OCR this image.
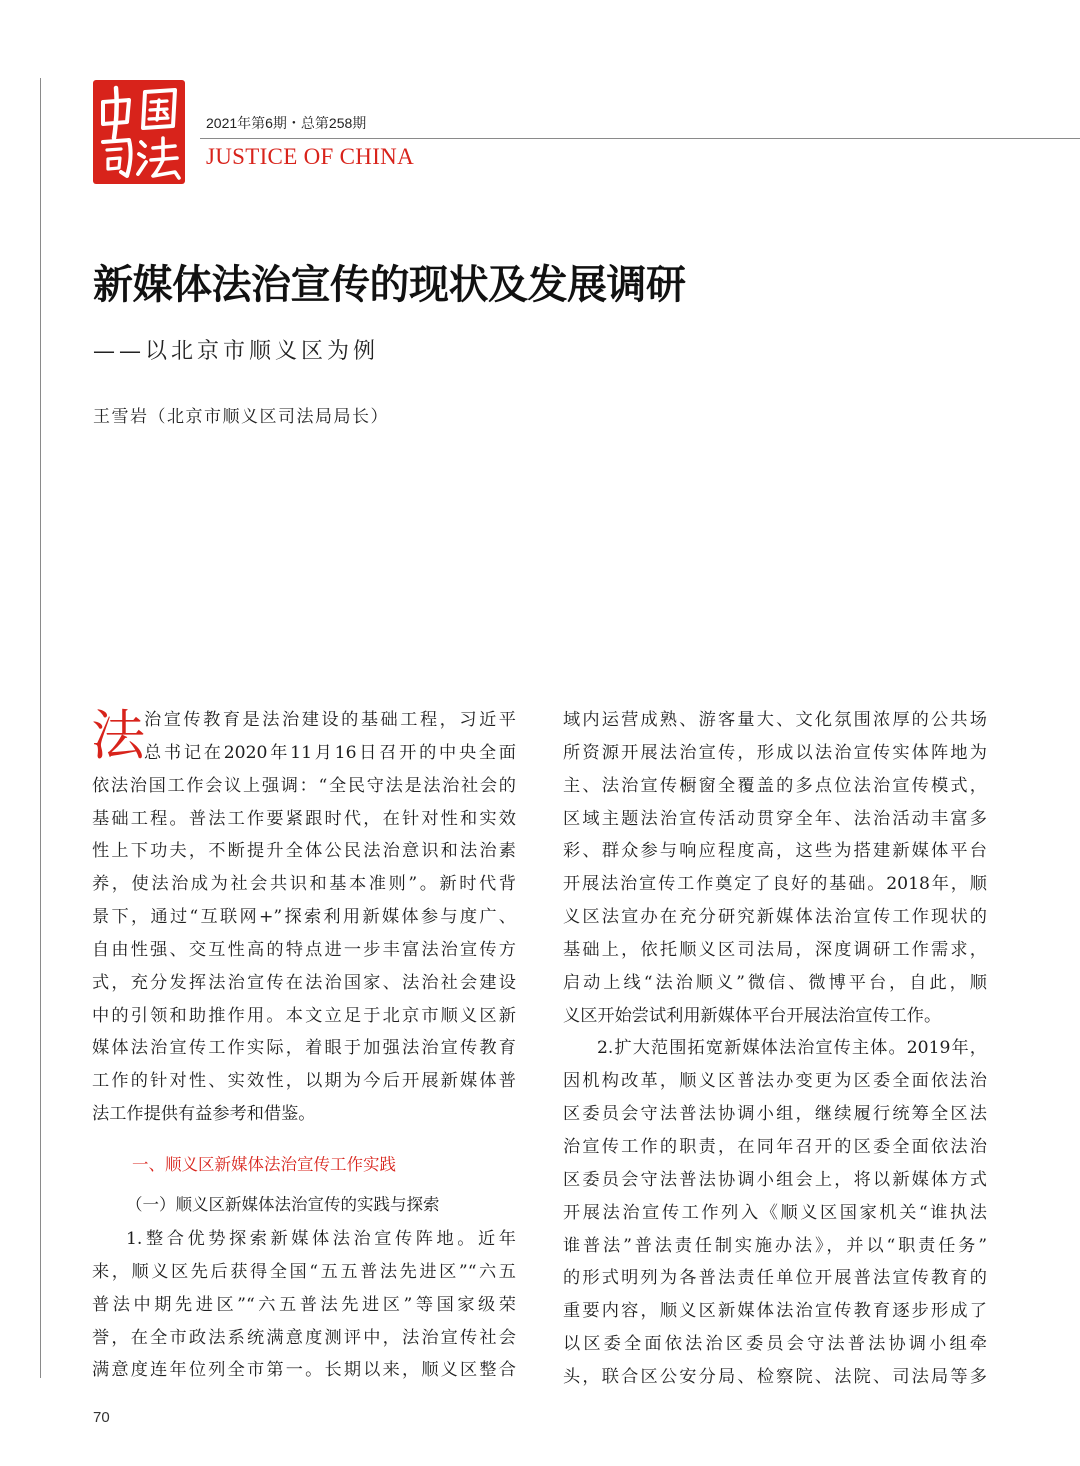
2021年第6期・总第258期
JUSTICE OF CHINA
新媒体法治宣传的现状及发展调研
——以北京市顺义区为例
王雪岩（北京市顺义区司法局局长）
法 治宣传教育是法治建设的基础工程，习近平
总书记在2020年11月16日召开的中央全面
依法治国工作会议上强调：“全民守法是法治社会的
基础工程。普法工作要紧跟时代，在针对性和实效
性上下功夫，不断提升全体公民法治意识和法治素
养，使法治成为社会共识和基本准则”。新时代背
景下，通过“互联网+”探索利用新媒体参与度广、
自由性强、交互性高的特点进一步丰富法治宣传方
式，充分发挥法治宣传在法治国家、法治社会建设
中的引领和助推作用。本文立足于北京市顺义区新
媒体法治宣传工作实际，着眼于加强法治宣传教育
工作的针对性、实效性，以期为今后开展新媒体普
法工作提供有益参考和借鉴。
一、顺义区新媒体法治宣传工作实践
（一）顺义区新媒体法治宣传的实践与探索
1.整合优势探索新媒体法治宣传阵地。近年
来，顺义区先后获得全国“五五普法先进区”“六五
普法中期先进区”“六五普法先进区”等国家级荣
誉，在全市政法系统满意度测评中，法治宣传社会
满意度连年位列全市第一。长期以来，顺义区整合
域内运营成熟、游客量大、文化氛围浓厚的公共场
所资源开展法治宣传，形成以法治宣传实体阵地为
主、法治宣传橱窗全覆盖的多点位法治宣传模式，
区域主题法治宣传活动贯穿全年、法治活动丰富多
彩、群众参与响应程度高，这些为搭建新媒体平台
开展法治宣传工作奠定了良好的基础。2018年，顺
义区法宣办在充分研究新媒体法治宣传工作现状的
基础上，依托顺义区司法局，深度调研工作需求，
启动上线“法治顺义”微信、微博平台，自此，顺
义区开始尝试利用新媒体平台开展法治宣传工作。
2.扩大范围拓宽新媒体法治宣传主体。2019年，
因机构改革，顺义区普法办变更为区委全面依法治
区委员会守法普法协调小组，继续履行统筹全区法
治宣传工作的职责，在同年召开的区委全面依法治
区委员会守法普法协调小组会上，将以新媒体方式
开展法治宣传工作列入《顺义区国家机关“谁执法
谁普法”普法责任制实施办法》，并以“职责任务”
的形式明列为各普法责任单位开展普法宣传教育的
重要内容，顺义区新媒体法治宣传教育逐步形成了
以区委全面依法治区委员会守法普法协调小组牵
头，联合区公安分局、检察院、法院、司法局等多
70
